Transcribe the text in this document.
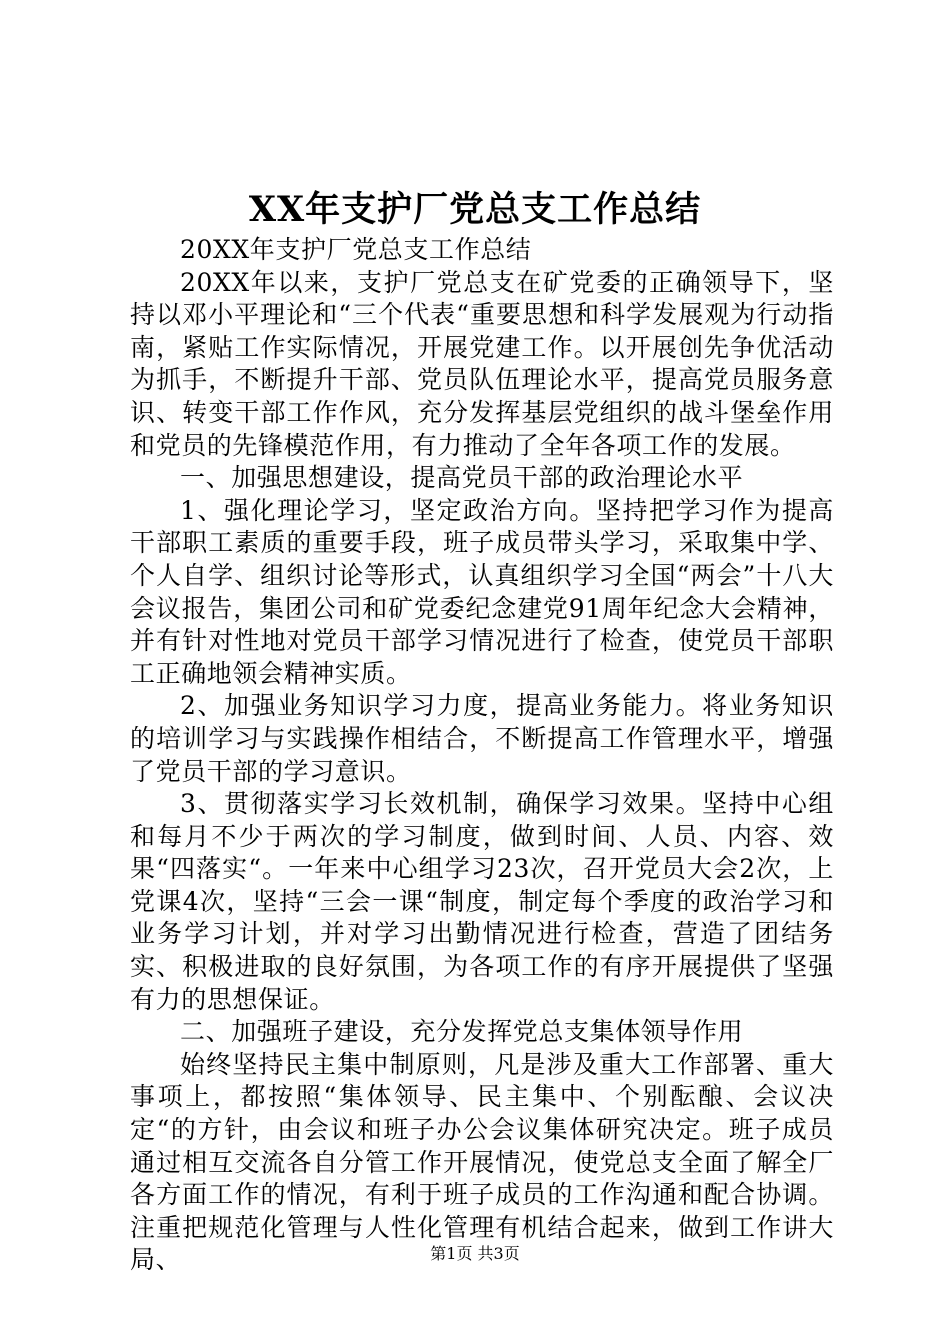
XX年支护厂党总支工作总结

20XX年支护厂党总支工作总结

20XX年以来，支护厂党总支在矿党委的正确领导下，坚持以邓小平理论和“三个代表“重要思想和科学发展观为行动指南，紧贴工作实际情况，开展党建工作。以开展创先争优活动为抓手，不断提升干部、党员队伍理论水平，提高党员服务意识、转变干部工作作风，充分发挥基层党组织的战斗堡垒作用和党员的先锋模范作用，有力推动了全年各项工作的发展。

一、加强思想建设，提高党员干部的政治理论水平

1、强化理论学习，坚定政治方向。坚持把学习作为提高干部职工素质的重要手段，班子成员带头学习，采取集中学、个人自学、组织讨论等形式，认真组织学习全国“两会”十八大会议报告，集团公司和矿党委纪念建党91周年纪念大会精神，并有针对性地对党员干部学习情况进行了检查，使党员干部职工正确地领会精神实质。

2、加强业务知识学习力度，提高业务能力。将业务知识的培训学习与实践操作相结合，不断提高工作管理水平，增强了党员干部的学习意识。

3、贯彻落实学习长效机制，确保学习效果。坚持中心组和每月不少于两次的学习制度，做到时间、人员、内容、效果“四落实“。一年来中心组学习23次，召开党员大会2次，上党课4次，坚持“三会一课“制度，制定每个季度的政治学习和业务学习计划，并对学习出勤情况进行检查，营造了团结务实、积极进取的良好氛围，为各项工作的有序开展提供了坚强有力的思想保证。

二、加强班子建设，充分发挥党总支集体领导作用

始终坚持民主集中制原则，凡是涉及重大工作部署、重大事项上，都按照“集体领导、民主集中、个别酝酿、会议决定“的方针，由会议和班子办公会议集体研究决定。班子成员通过相互交流各自分管工作开展情况，使党总支全面了解全厂各方面工作的情况，有利于班子成员的工作沟通和配合协调。注重把规范化管理与人性化管理有机结合起来，做到工作讲大局、	第1页 共3页
